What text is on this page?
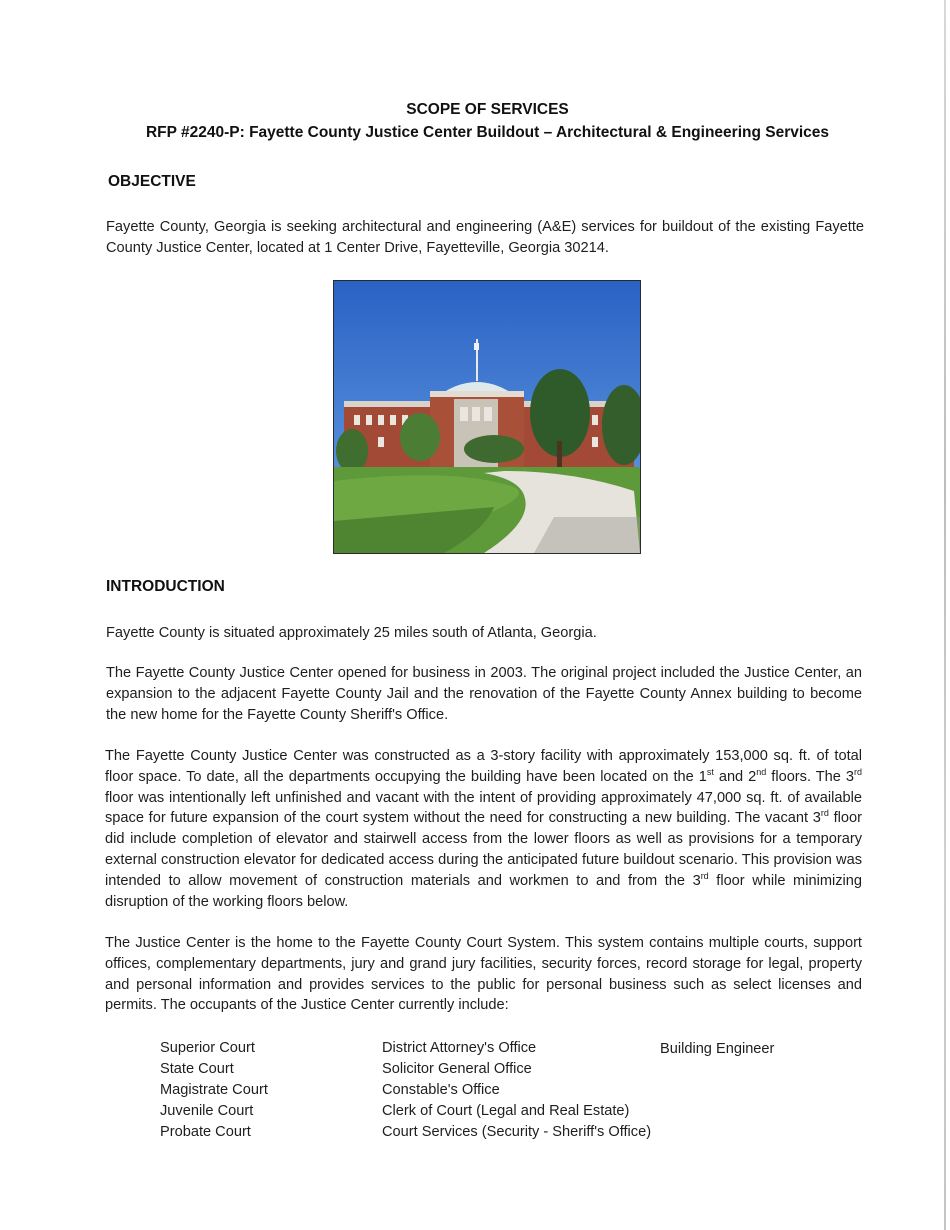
SCOPE OF SERVICES
RFP #2240-P: Fayette County Justice Center Buildout – Architectural & Engineering Services
OBJECTIVE
Fayette County, Georgia is seeking architectural and engineering (A&E) services for buildout of the existing Fayette County Justice Center, located at 1 Center Drive, Fayetteville, Georgia 30214.
INTRODUCTION
Fayette County is situated approximately 25 miles south of Atlanta, Georgia.
The Fayette County Justice Center opened for business in 2003. The original project included the Justice Center, an expansion to the adjacent Fayette County Jail and the renovation of the Fayette County Annex building to become the new home for the Fayette County Sheriff's Office.
The Fayette County Justice Center was constructed as a 3-story facility with approximately 153,000 sq. ft. of total floor space. To date, all the departments occupying the building have been located on the 1st and 2nd floors. The 3rd floor was intentionally left unfinished and vacant with the intent of providing approximately 47,000 sq. ft. of available space for future expansion of the court system without the need for constructing a new building. The vacant 3rd floor did include completion of elevator and stairwell access from the lower floors as well as provisions for a temporary external construction elevator for dedicated access during the anticipated future buildout scenario. This provision was intended to allow movement of construction materials and workmen to and from the 3rd floor while minimizing disruption of the working floors below.
The Justice Center is the home to the Fayette County Court System. This system contains multiple courts, support offices, complementary departments, jury and grand jury facilities, security forces, record storage for legal, property and personal information and provides services to the public for personal business such as select licenses and permits. The occupants of the Justice Center currently include:
Superior Court
State Court
Magistrate Court
Juvenile Court
Probate Court
District Attorney's Office
Solicitor General Office
Constable's Office
Clerk of Court (Legal and Real Estate)
Court Services (Security - Sheriff's Office)
Building Engineer
